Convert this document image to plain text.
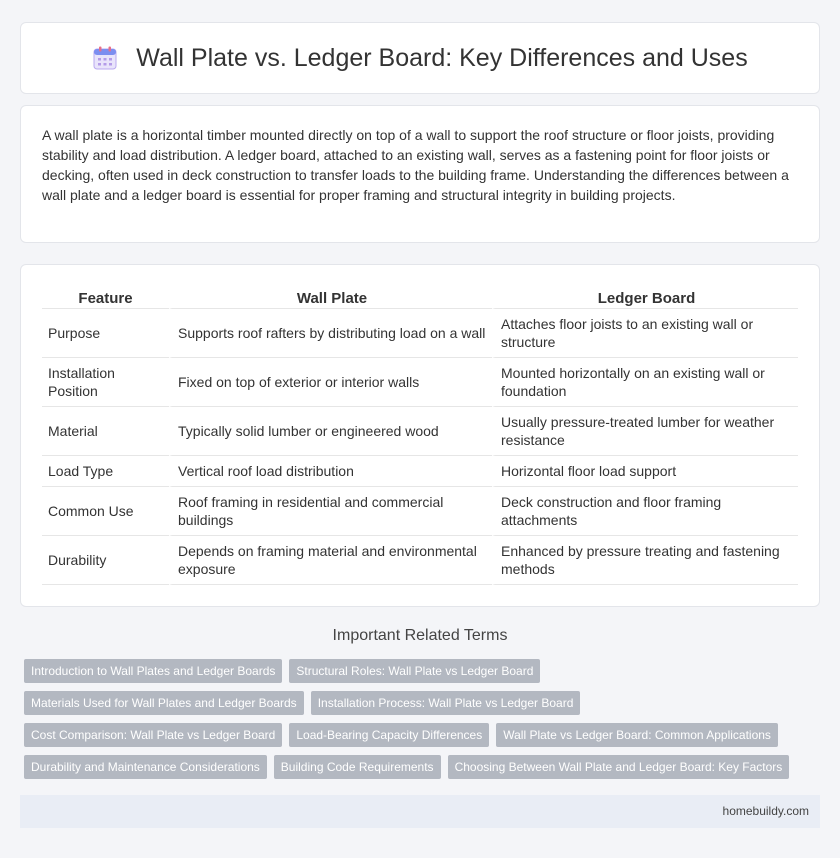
Wall Plate vs. Ledger Board: Key Differences and Uses

A wall plate is a horizontal timber mounted directly on top of a wall to support the roof structure or floor joists, providing stability and load distribution. A ledger board, attached to an existing wall, serves as a fastening point for floor joists or decking, often used in deck construction to transfer loads to the building frame. Understanding the differences between a wall plate and a ledger board is essential for proper framing and structural integrity in building projects.

Feature	Wall Plate	Ledger Board
Purpose	Supports roof rafters by distributing load on a wall	Attaches floor joists to an existing wall or structure
Installation Position	Fixed on top of exterior or interior walls	Mounted horizontally on an existing wall or foundation
Material	Typically solid lumber or engineered wood	Usually pressure-treated lumber for weather resistance
Load Type	Vertical roof load distribution	Horizontal floor load support
Common Use	Roof framing in residential and commercial buildings	Deck construction and floor framing attachments
Durability	Depends on framing material and environmental exposure	Enhanced by pressure treating and fastening methods
Important Related Terms
Introduction to Wall Plates and Ledger Boards	Structural Roles: Wall Plate vs Ledger Board
Materials Used for Wall Plates and Ledger Boards	Installation Process: Wall Plate vs Ledger Board
Cost Comparison: Wall Plate vs Ledger Board	Load-Bearing Capacity Differences	Wall Plate vs Ledger Board: Common Applications
Durability and Maintenance Considerations	Building Code Requirements	Choosing Between Wall Plate and Ledger Board: Key Factors
homebuildy.com
